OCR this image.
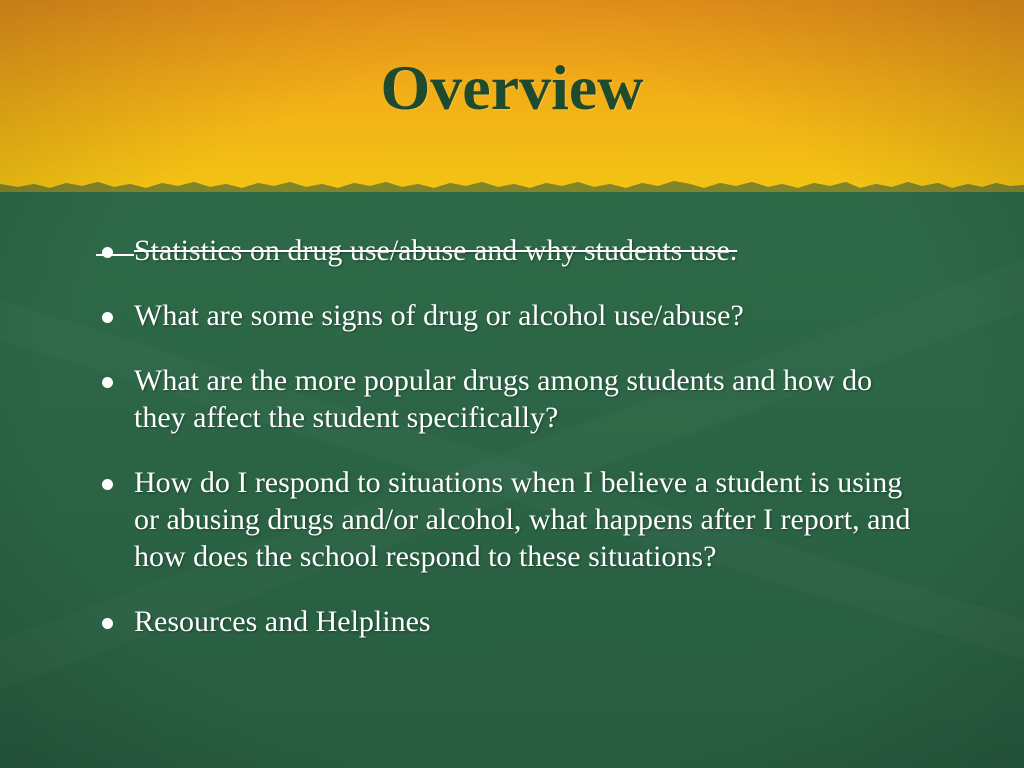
Overview
Statistics on drug use/abuse and why students use.
What are some signs of drug or alcohol use/abuse?
What are the more popular drugs among students and how do they affect the student specifically?
How do I respond to situations when I believe a student is using or abusing drugs and/or alcohol, what happens after I report, and how does the school respond to these situations?
Resources and Helplines
